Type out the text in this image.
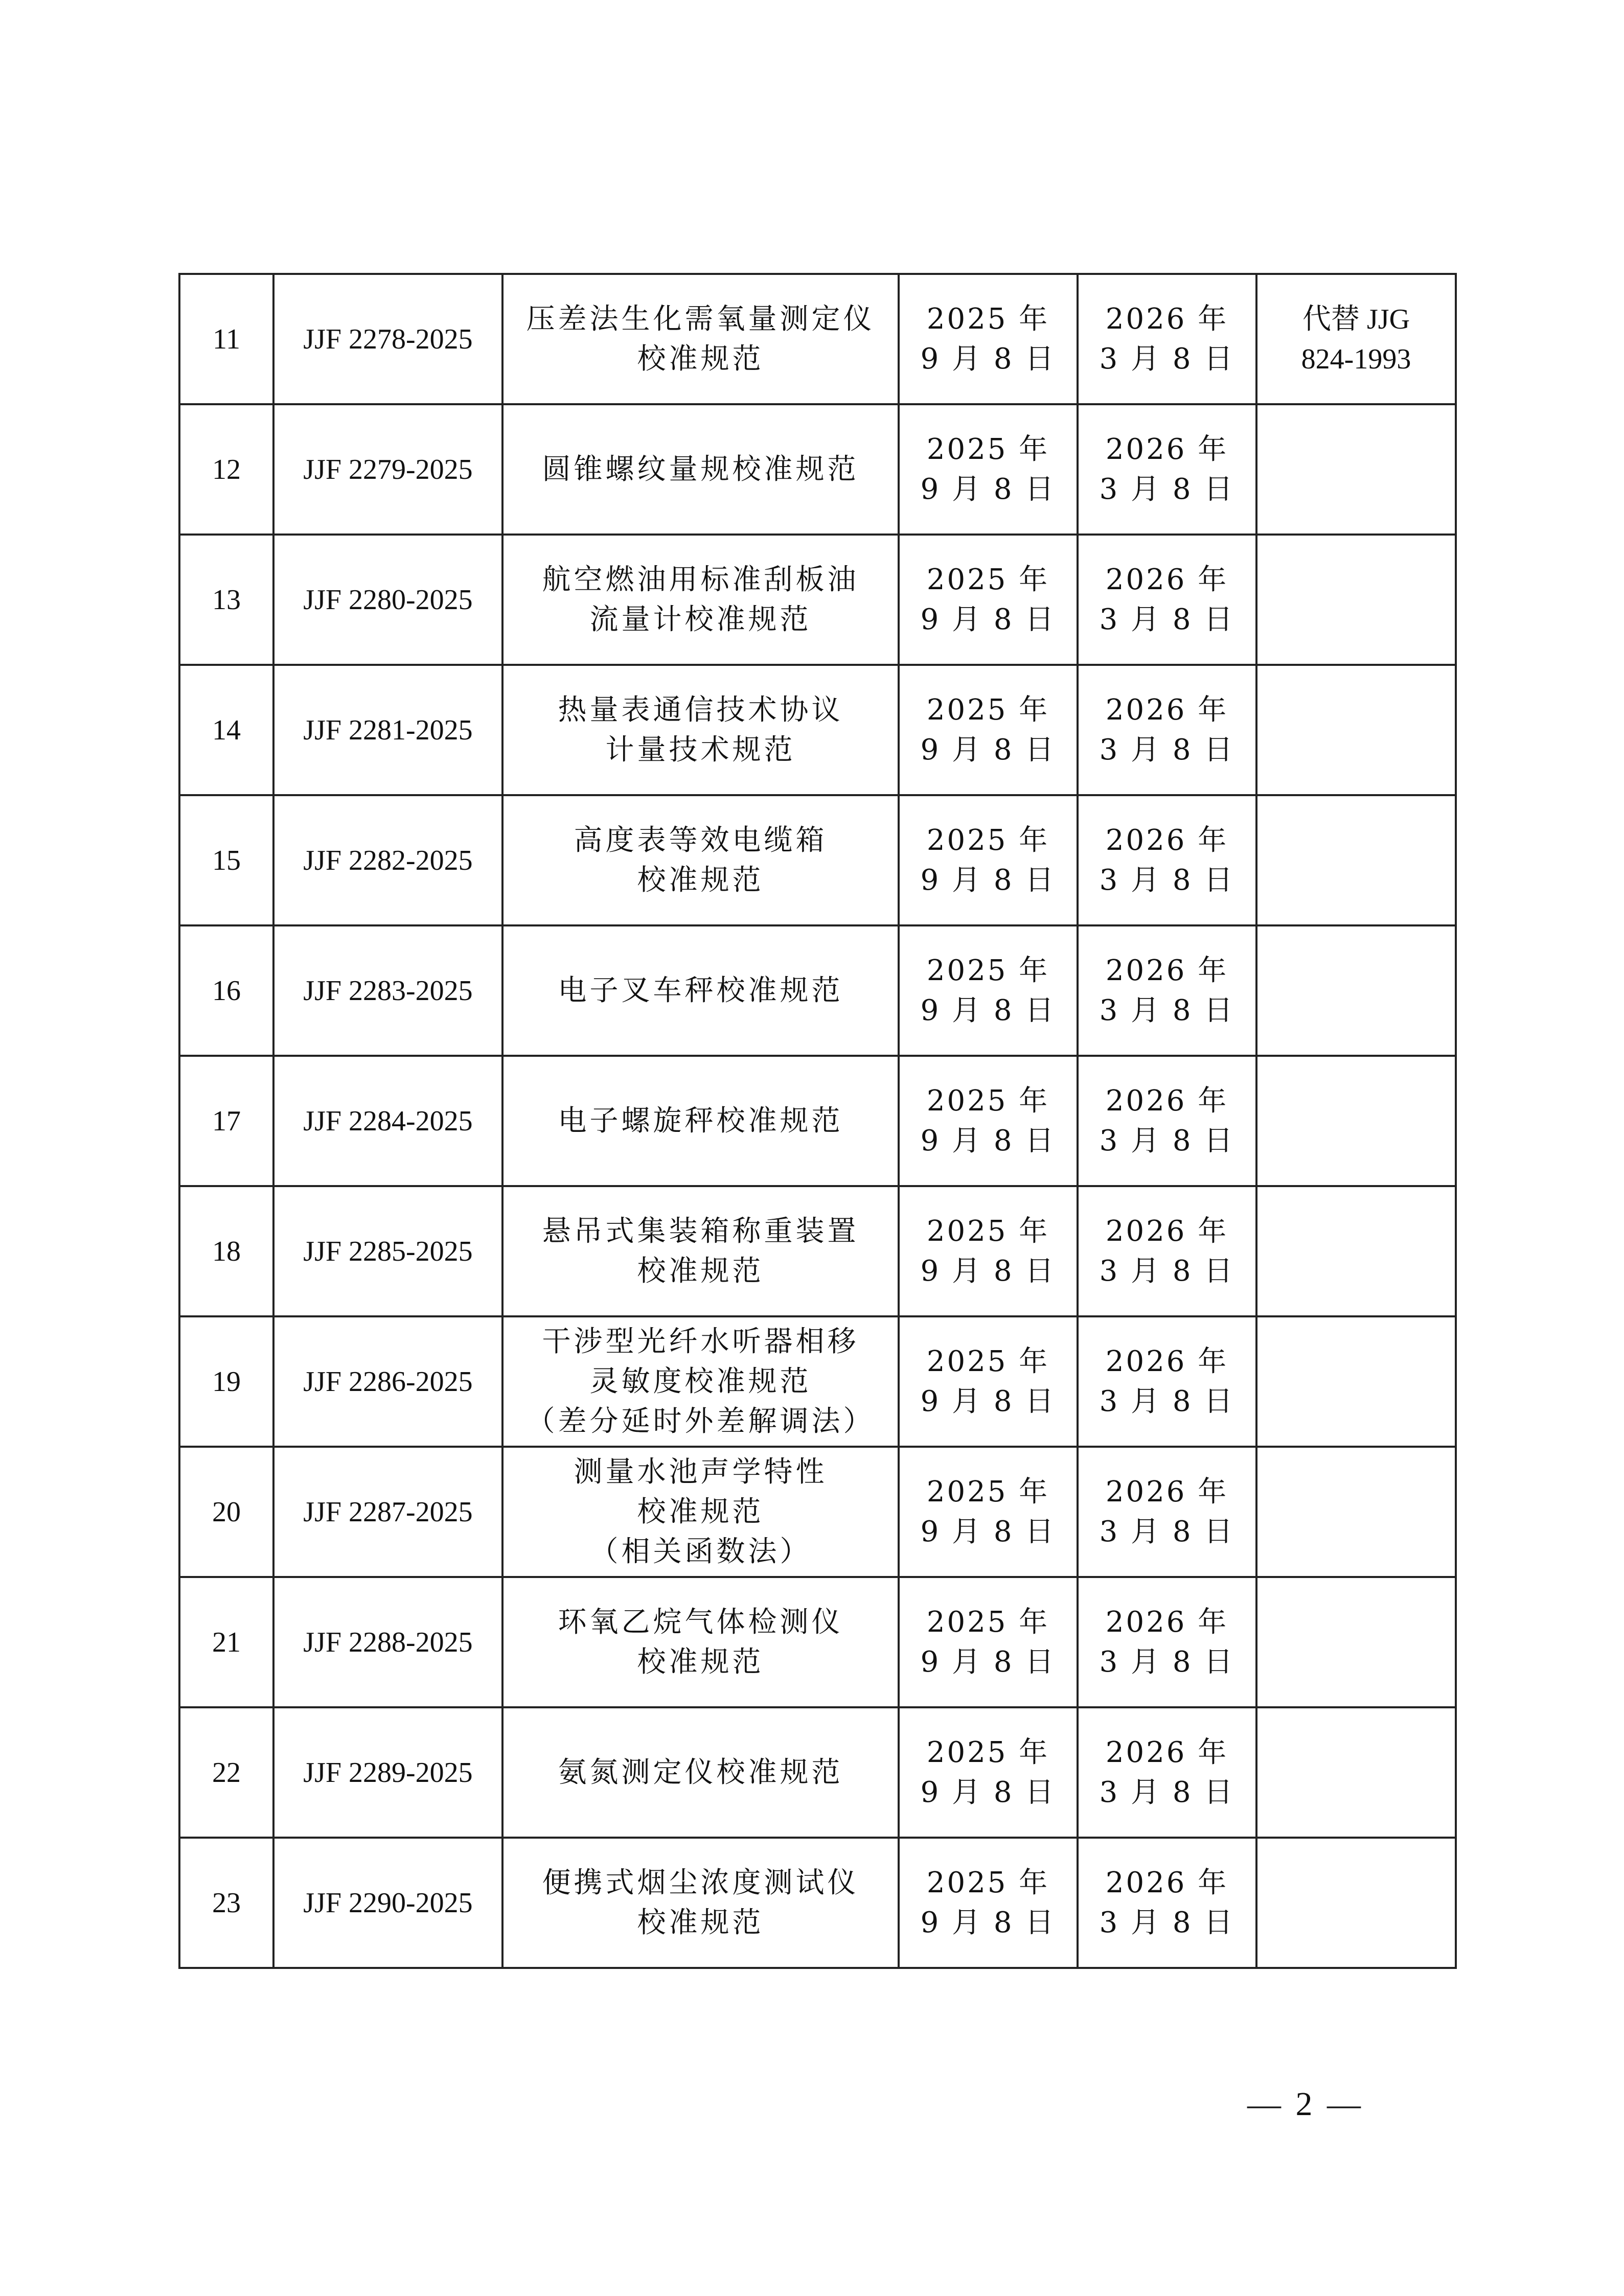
11	JJF 2278-2025	压差法生化需氧量测定仪
校准规范	2025 年
9 月 8 日	2026 年
3 月 8 日	代替 JJG
824-1993

12	JJF 2279-2025	圆锥螺纹量规校准规范	2025 年
9 月 8 日	2026 年
3 月 8 日	

13	JJF 2280-2025	航空燃油用标准刮板油
流量计校准规范	2025 年
9 月 8 日	2026 年
3 月 8 日	

14	JJF 2281-2025	热量表通信技术协议
计量技术规范	2025 年
9 月 8 日	2026 年
3 月 8 日	

15	JJF 2282-2025	高度表等效电缆箱
校准规范	2025 年
9 月 8 日	2026 年
3 月 8 日	

16	JJF 2283-2025	电子叉车秤校准规范	2025 年
9 月 8 日	2026 年
3 月 8 日	

17	JJF 2284-2025	电子螺旋秤校准规范	2025 年
9 月 8 日	2026 年
3 月 8 日	

18	JJF 2285-2025	悬吊式集装箱称重装置
校准规范	2025 年
9 月 8 日	2026 年
3 月 8 日	

19	JJF 2286-2025	干涉型光纤水听器相移
灵敏度校准规范
（差分延时外差解调法）	2025 年
9 月 8 日	2026 年
3 月 8 日	

20	JJF 2287-2025	测量水池声学特性
校准规范
（相关函数法）	2025 年
9 月 8 日	2026 年
3 月 8 日	

21	JJF 2288-2025	环氧乙烷气体检测仪
校准规范	2025 年
9 月 8 日	2026 年
3 月 8 日	

22	JJF 2289-2025	氨氮测定仪校准规范	2025 年
9 月 8 日	2026 年
3 月 8 日	

23	JJF 2290-2025	便携式烟尘浓度测试仪
校准规范	2025 年
9 月 8 日	2026 年
3 月 8 日	

— 2 —
